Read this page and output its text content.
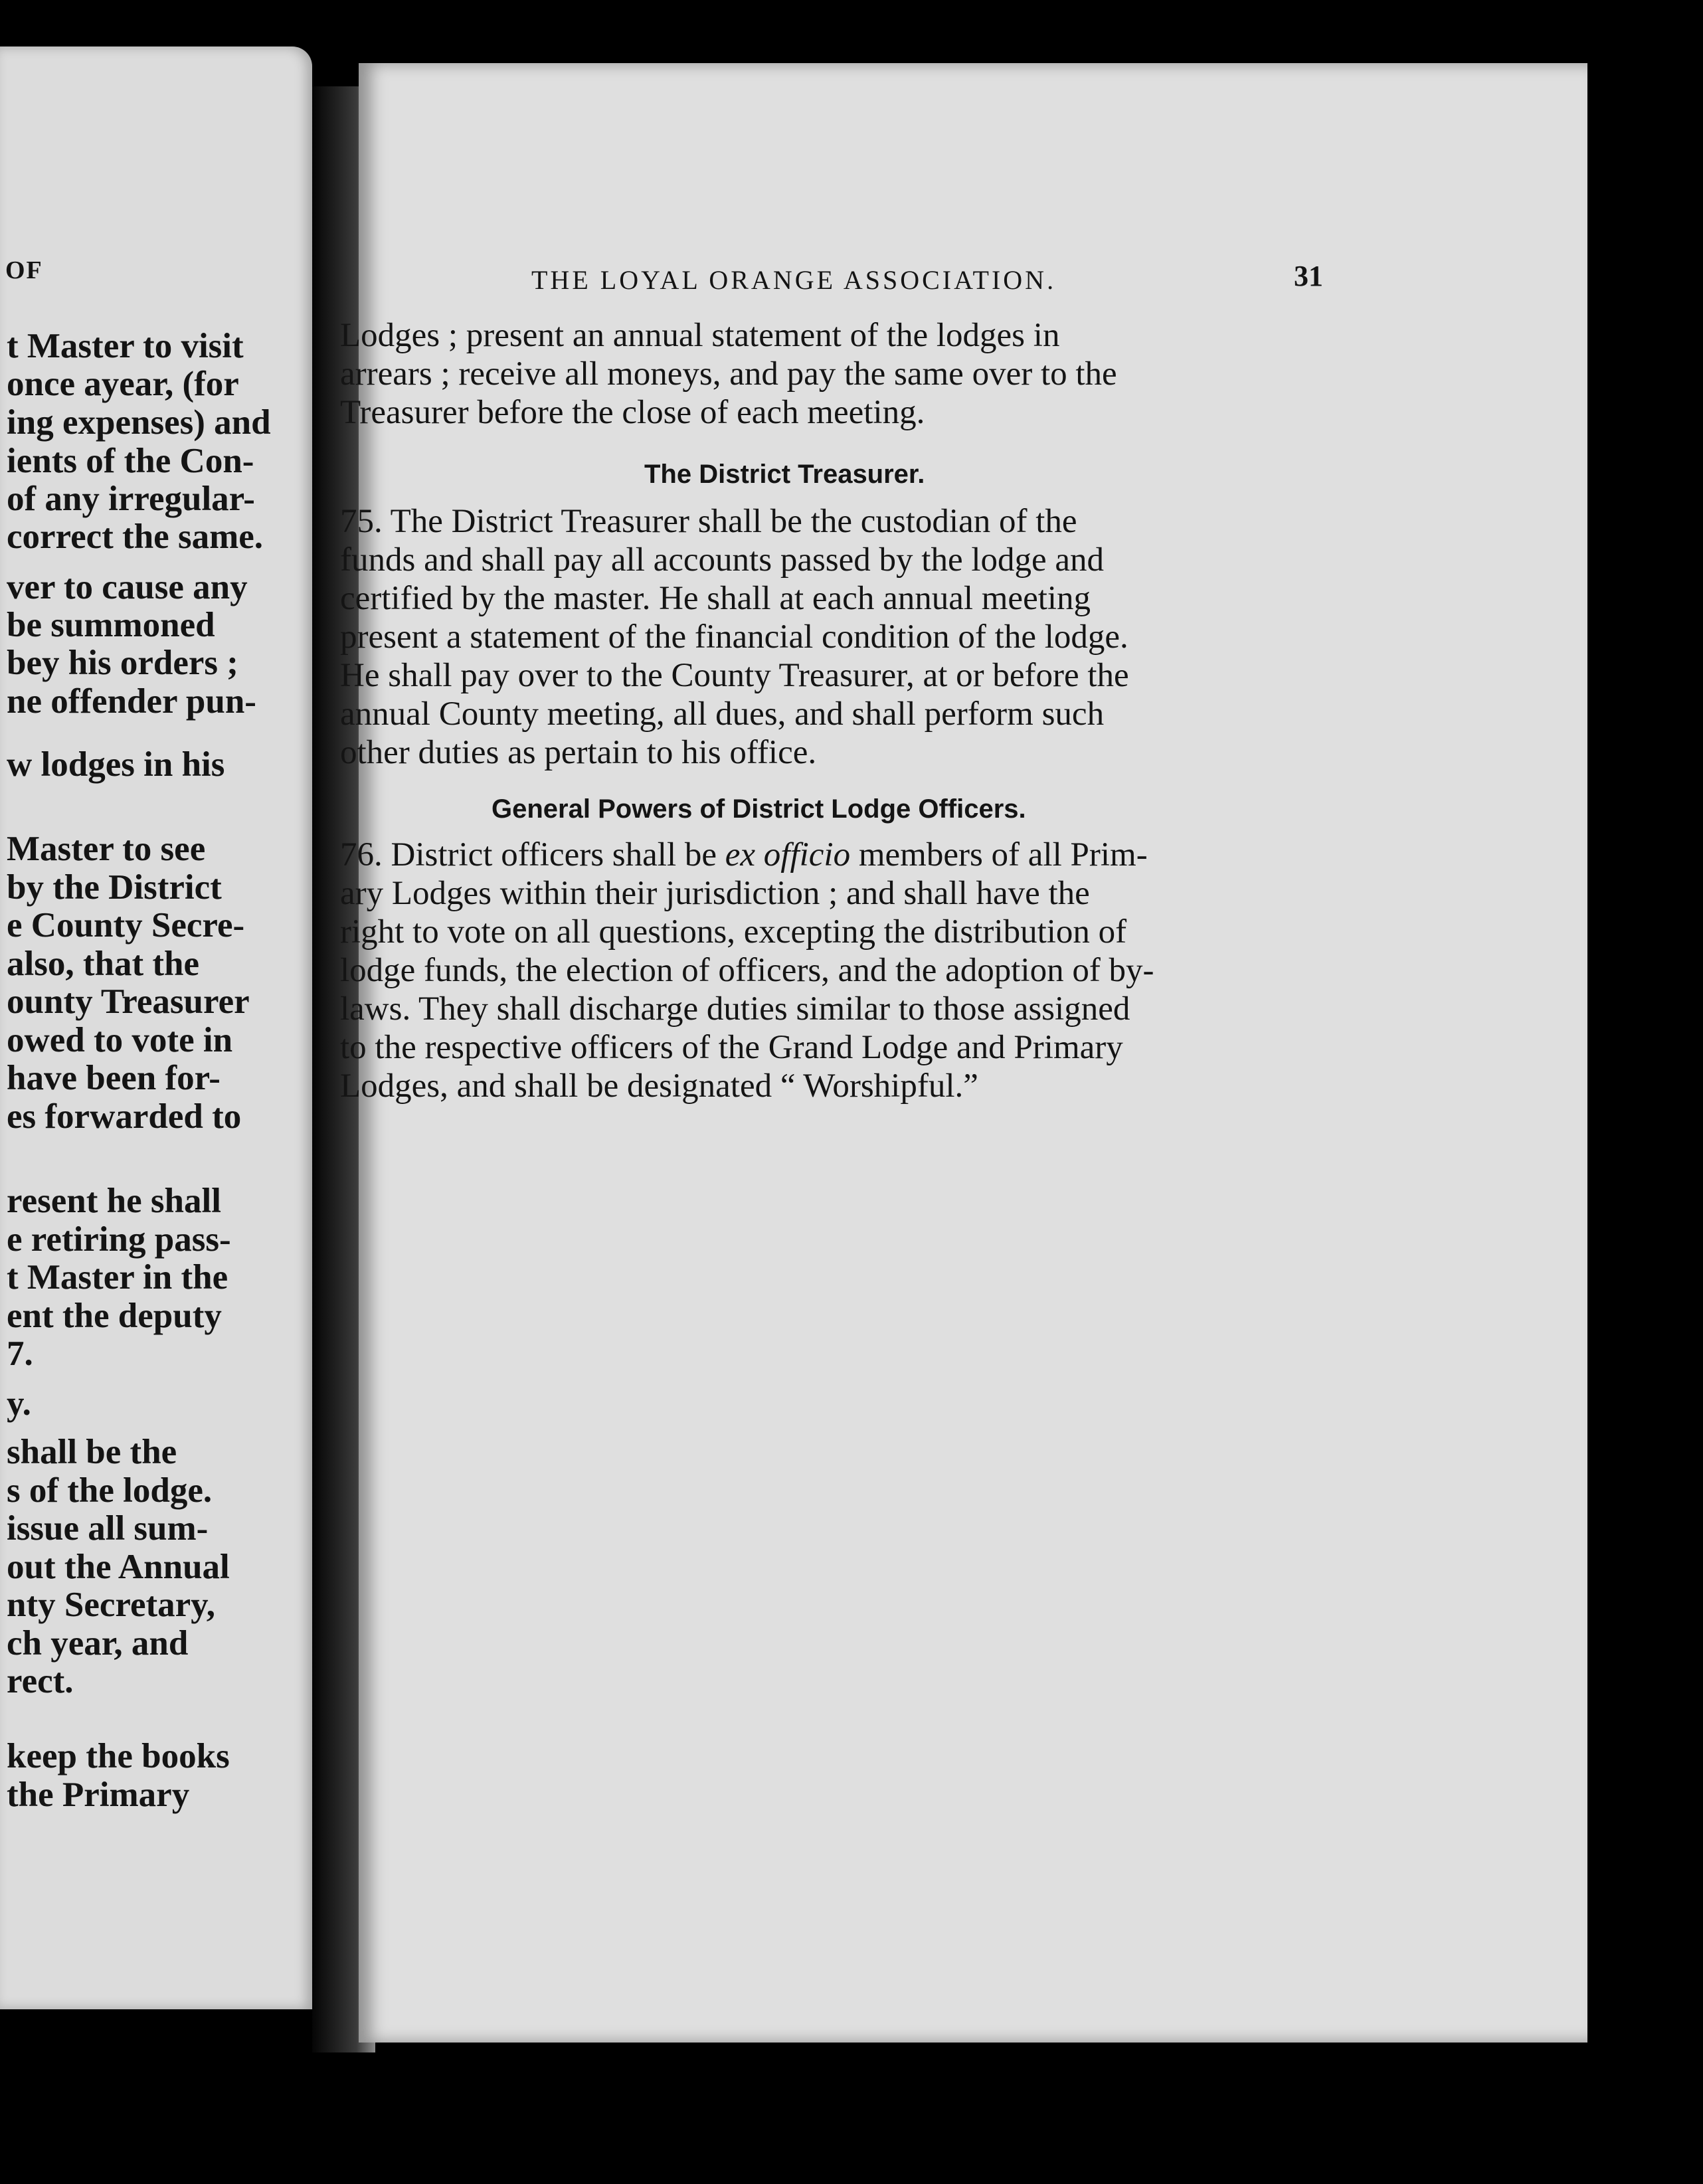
OF
t Master to visit
once ayear, (for
ing expenses) and
ients of the Con-
of any irregular-
correct the same.
ver to cause any
be summoned
bey his orders ;
ne offender pun-
w lodges in his
Master to see
by the District
e County Secre-
also, that the
ounty Treasurer
owed to vote in
have been for-
es forwarded to
resent he shall
e retiring pass-
t Master in the
ent the deputy
7.
y.
shall be the
s of the lodge.
issue all sum-
out the Annual
nty Secretary,
ch year, and
rect.
keep the books
the Primary
THE LOYAL ORANGE ASSOCIATION.	31
Lodges ; present an annual statement of the lodges in
arrears ; receive all moneys, and pay the same over to the
Treasurer before the close of each meeting.
The District Treasurer.
75. The District Treasurer shall be the custodian of the
funds and shall pay all accounts passed by the lodge and
certified by the master. He shall at each annual meeting
present a statement of the financial condition of the lodge.
He shall pay over to the County Treasurer, at or before the
annual County meeting, all dues, and shall perform such
other duties as pertain to his office.
General Powers of District Lodge Officers.
76. District officers shall be ex officio members of all Prim-
ary Lodges within their jurisdiction ; and shall have the
right to vote on all questions, excepting the distribution of
lodge funds, the election of officers, and the adoption of by-
laws. They shall discharge duties similar to those assigned
to the respective officers of the Grand Lodge and Primary
Lodges, and shall be designated “ Worshipful.”
